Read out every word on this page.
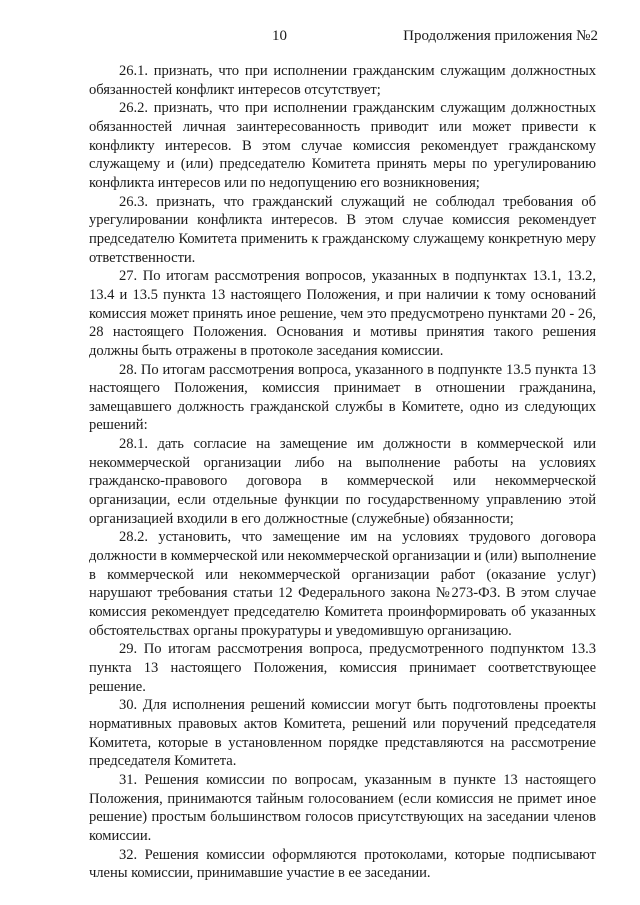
10	Продолжения приложения №2

26.1. признать, что при исполнении гражданским служащим должностных обязанностей конфликт интересов отсутствует;

26.2. признать, что при исполнении гражданским служащим должностных обязанностей личная заинтересованность приводит или может привести к конфликту интересов. В этом случае комиссия рекомендует гражданскому служащему и (или) председателю Комитета принять меры по урегулированию конфликта интересов или по недопущению его возникновения;

26.3. признать, что гражданский служащий не соблюдал требования об урегулировании конфликта интересов. В этом случае комиссия рекомендует председателю Комитета применить к гражданскому служащему конкретную меру ответственности.

27. По итогам рассмотрения вопросов, указанных в подпунктах 13.1, 13.2, 13.4 и 13.5 пункта 13 настоящего Положения, и при наличии к тому оснований комиссия может принять иное решение, чем это предусмотрено пунктами 20 - 26, 28 настоящего Положения. Основания и мотивы принятия такого решения должны быть отражены в протоколе заседания комиссии.

28. По итогам рассмотрения вопроса, указанного в подпункте 13.5 пункта 13 настоящего Положения, комиссия принимает в отношении гражданина, замещавшего должность гражданской службы в Комитете, одно из следующих решений:

28.1. дать согласие на замещение им должности в коммерческой или некоммерческой организации либо на выполнение работы на условиях гражданско-правового договора в коммерческой или некоммерческой организации, если отдельные функции по государственному управлению этой организацией входили в его должностные (служебные) обязанности;

28.2. установить, что замещение им на условиях трудового договора должности в коммерческой или некоммерческой организации и (или) выполнение в коммерческой или некоммерческой организации работ (оказание услуг) нарушают требования статьи 12 Федерального закона №273-ФЗ. В этом случае комиссия рекомендует председателю Комитета проинформировать об указанных обстоятельствах органы прокуратуры и уведомившую организацию.

29. По итогам рассмотрения вопроса, предусмотренного подпунктом 13.3 пункта 13 настоящего Положения, комиссия принимает соответствующее решение.

30. Для исполнения решений комиссии могут быть подготовлены проекты нормативных правовых актов Комитета, решений или поручений председателя Комитета, которые в установленном порядке представляются на рассмотрение председателя Комитета.

31. Решения комиссии по вопросам, указанным в пункте 13 настоящего Положения, принимаются тайным голосованием (если комиссия не примет иное решение) простым большинством голосов присутствующих на заседании членов комиссии.

32. Решения комиссии оформляются протоколами, которые подписывают члены комиссии, принимавшие участие в ее заседании.
